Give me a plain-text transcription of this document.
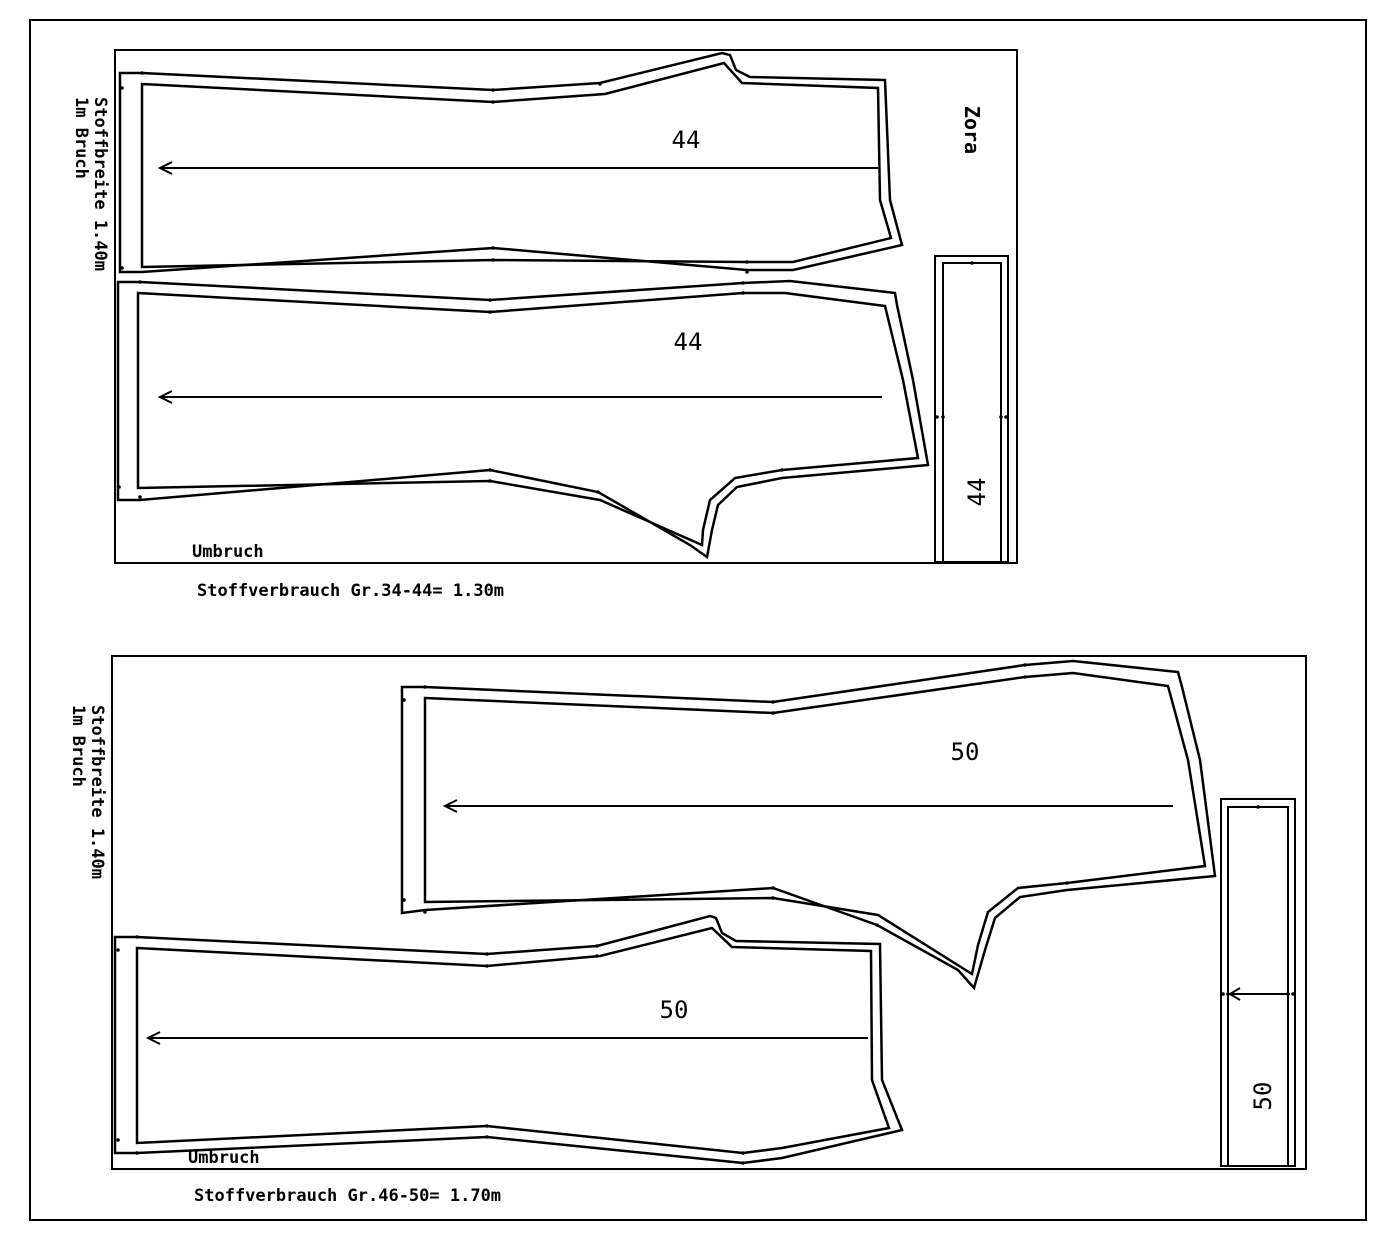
Stoffbreite 1.40m
1m Bruch	44
44
44
Zora
Umbruch
Stoffverbrauch Gr.34-44= 1.30m
Stoffbreite 1.40m
1m Bruch	50
50
50
Umbruch
Stoffverbrauch Gr.46-50= 1.70m
